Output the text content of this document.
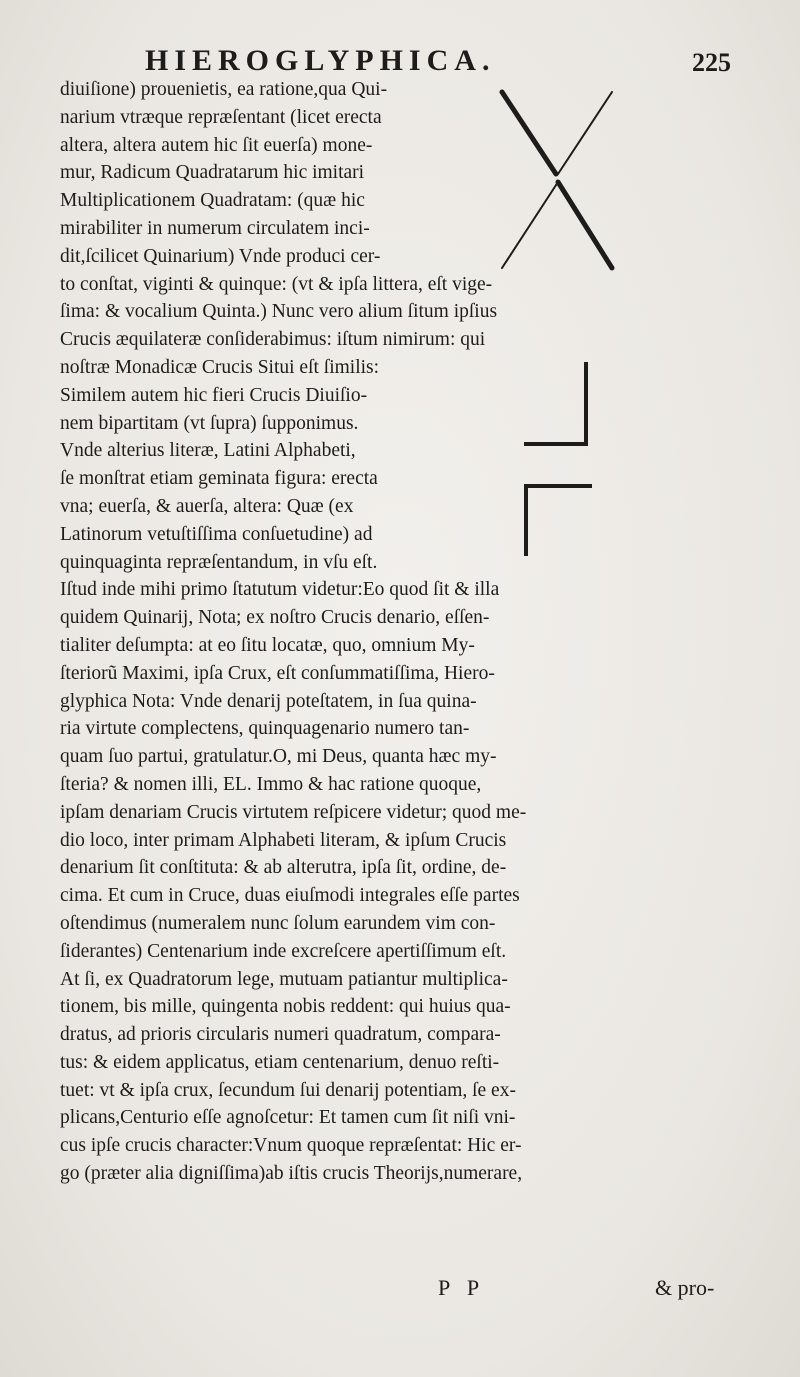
HIEROGLYPHICA.	225
diuiſione) prouenietis, ea ratione,qua Qui-
narium vtræque repræſentant (licet erecta
altera, altera autem hic ſit euerſa) mone-
mur, Radicum Quadratarum hic imitari
Multiplicationem Quadratam: (quæ hic
mirabiliter in numerum circulatem inci-
dit,ſcilicet Quinarium) Vnde produci cer-
to conſtat, viginti & quinque: (vt & ipſa littera, eſt vige-
ſima: & vocalium Quinta.) Nunc vero alium ſitum ipſius
Crucis æquilateræ conſiderabimus: iſtum nimirum: qui
noſtræ Monadicæ Crucis Situi eſt ſimilis:
Similem autem hic fieri Crucis Diuiſio-
nem bipartitam (vt ſupra) ſupponimus.
Vnde alterius literæ, Latini Alphabeti,
ſe monſtrat etiam geminata figura: erecta
vna; euerſa, & auerſa, altera: Quæ (ex
Latinorum vetuſtiſſima conſuetudine) ad
quinquaginta repræſentandum, in vſu eſt.
Iſtud inde mihi primo ſtatutum videtur:Eo quod ſit & illa
quidem Quinarij, Nota; ex noſtro Crucis denario, eſſen-
tialiter deſumpta: at eo ſitu locatæ, quo, omnium My-
ſteriorũ Maximi, ipſa Crux, eſt conſummatiſſima, Hiero-
glyphica Nota: Vnde denarij poteſtatem, in ſua quina-
ria virtute complectens, quinquagenario numero tan-
quam ſuo partui, gratulatur.O, mi Deus, quanta hæc my-
ſteria? & nomen illi, EL. Immo & hac ratione quoque,
ipſam denariam Crucis virtutem reſpicere videtur; quod me-
dio loco, inter primam Alphabeti literam, & ipſum Crucis
denarium ſit conſtituta: & ab alterutra, ipſa ſit, ordine, de-
cima. Et cum in Cruce, duas eiuſmodi integrales eſſe partes
oſtendimus (numeralem nunc ſolum earundem vim con-
ſiderantes) Centenarium inde excreſcere apertiſſimum eſt.
At ſi, ex Quadratorum lege, mutuam patiantur multiplica-
tionem, bis mille, quingenta nobis reddent: qui huius qua-
dratus, ad prioris circularis numeri quadratum, compara-
tus: & eidem applicatus, etiam centenarium, denuo reſti-
tuet: vt & ipſa crux, ſecundum ſui denarij potentiam, ſe ex-
plicans,Centurio eſſe agnoſcetur: Et tamen cum ſit niſi vni-
cus ipſe crucis character:Vnum quoque repræſentat: Hic er-
go (præter alia digniſſima)ab iſtis crucis Theorijs,numerare,
P P	& pro-
